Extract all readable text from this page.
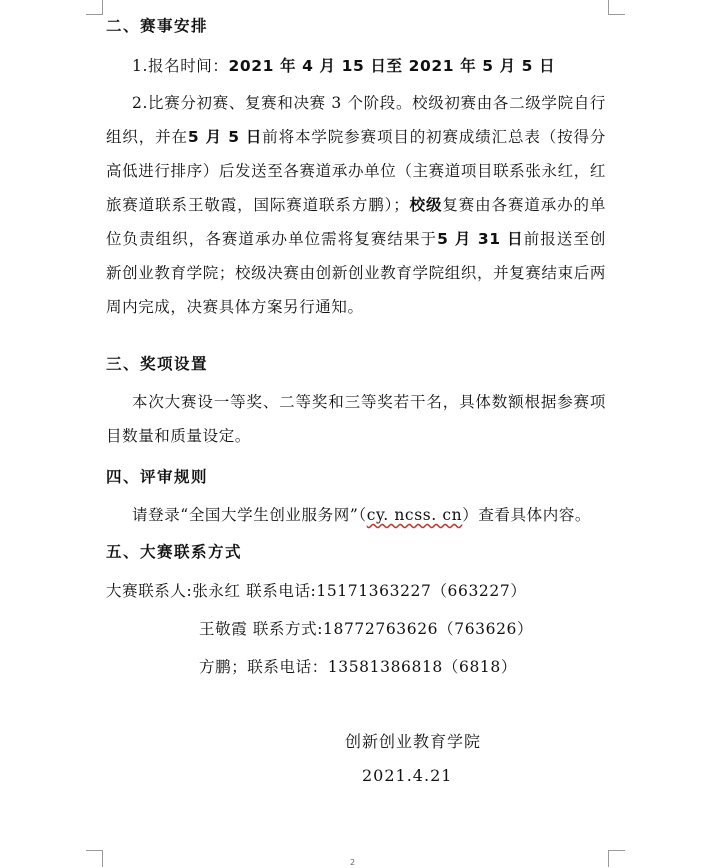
二、赛事安排
1.报名时间：2021 年 4 月 15 日至 2021 年 5 月 5 日
2.比赛分初赛、复赛和决赛 3 个阶段。校级初赛由各二级学院自行组织，并在5 月 5 日前将本学院参赛项目的初赛成绩汇总表（按得分高低进行排序）后发送至各赛道承办单位（主赛道项目联系张永红，红旅赛道联系王敬霞，国际赛道联系方鹏）；校级复赛由各赛道承办的单位负责组织，各赛道承办单位需将复赛结果于5 月 31 日前报送至创新创业教育学院；校级决赛由创新创业教育学院组织，并复赛结束后两周内完成，决赛具体方案另行通知。
三、奖项设置
本次大赛设一等奖、二等奖和三等奖若干名，具体数额根据参赛项目数量和质量设定。
四、评审规则
请登录“全国大学生创业服务网”（cy. ncss. cn）查看具体内容。
五、大赛联系方式
大赛联系人:张永红 联系电话:15171363227（663227）
王敬霞 联系方式:18772763626（763626）
方鹏；联系电话：13581386818（6818）
创新创业教育学院
2021.4.21
2
